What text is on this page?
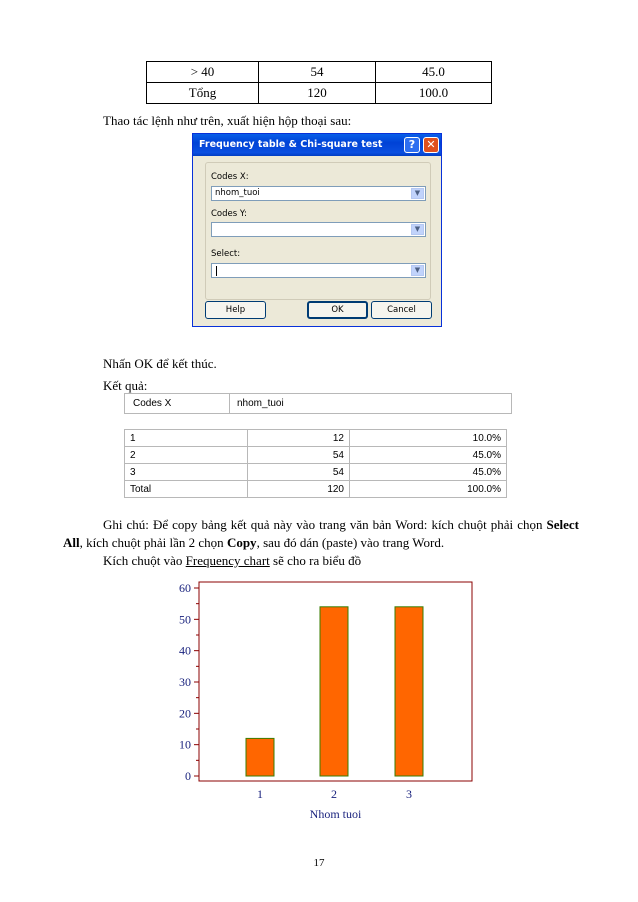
> 40	54	45.0
Tổng	120	100.0
Thao tác lệnh như trên, xuất hiện hộp thoại sau:
Frequency table & Chi-square test	?	✕
Codes X:
nhom_tuoi	▼
Codes Y:
▼
Select:
▼
Help	OK	Cancel
Nhấn OK để kết thúc.
Kết quả:
Codes X	nhom_tuoi
1	12	10.0%
2	54	45.0%
3	54	45.0%
Total	120	100.0%
Ghi chú: Để copy bảng kết quả này vào trang văn bản Word: kích chuột phải chọn Select
All, kích chuột phải lần 2 chọn Copy, sau đó dán (paste) vào trang Word.
Kích chuột vào Frequency chart sẽ cho ra biểu đồ
0
10
20
30
40
50
60
1	2	3
Nhom tuoi
17
